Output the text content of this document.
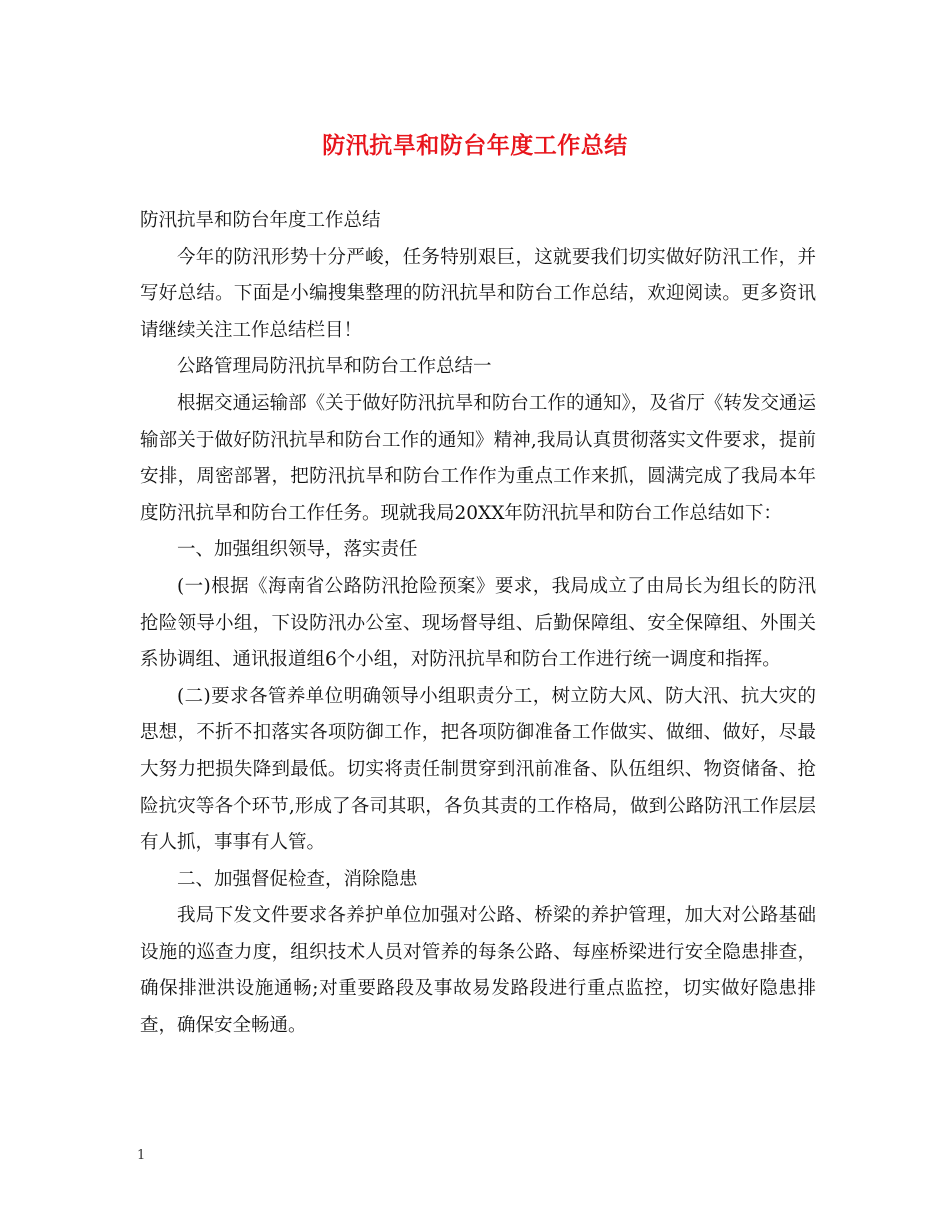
防汛抗旱和防台年度工作总结

防汛抗旱和防台年度工作总结

今年的防汛形势十分严峻，任务特别艰巨，这就要我们切实做好防汛工作，并写好总结。下面是小编搜集整理的防汛抗旱和防台工作总结，欢迎阅读。更多资讯请继续关注工作总结栏目！

公路管理局防汛抗旱和防台工作总结一

根据交通运输部《关于做好防汛抗旱和防台工作的通知》，及省厅《转发交通运输部关于做好防汛抗旱和防台工作的通知》精神,我局认真贯彻落实文件要求，提前安排，周密部署，把防汛抗旱和防台工作作为重点工作来抓，圆满完成了我局本年度防汛抗旱和防台工作任务。现就我局20XX年防汛抗旱和防台工作总结如下：

一、加强组织领导，落实责任

(一)根据《海南省公路防汛抢险预案》要求，我局成立了由局长为组长的防汛抢险领导小组，下设防汛办公室、现场督导组、后勤保障组、安全保障组、外围关系协调组、通讯报道组6个小组，对防汛抗旱和防台工作进行统一调度和指挥。

(二)要求各管养单位明确领导小组职责分工，树立防大风、防大汛、抗大灾的思想，不折不扣落实各项防御工作，把各项防御准备工作做实、做细、做好，尽最大努力把损失降到最低。切实将责任制贯穿到汛前准备、队伍组织、物资储备、抢险抗灾等各个环节,形成了各司其职，各负其责的工作格局，做到公路防汛工作层层有人抓，事事有人管。

二、加强督促检查，消除隐患

我局下发文件要求各养护单位加强对公路、桥梁的养护管理，加大对公路基础设施的巡查力度，组织技术人员对管养的每条公路、每座桥梁进行安全隐患排查，确保排泄洪设施通畅;对重要路段及事故易发路段进行重点监控，切实做好隐患排查，确保安全畅通。

1
